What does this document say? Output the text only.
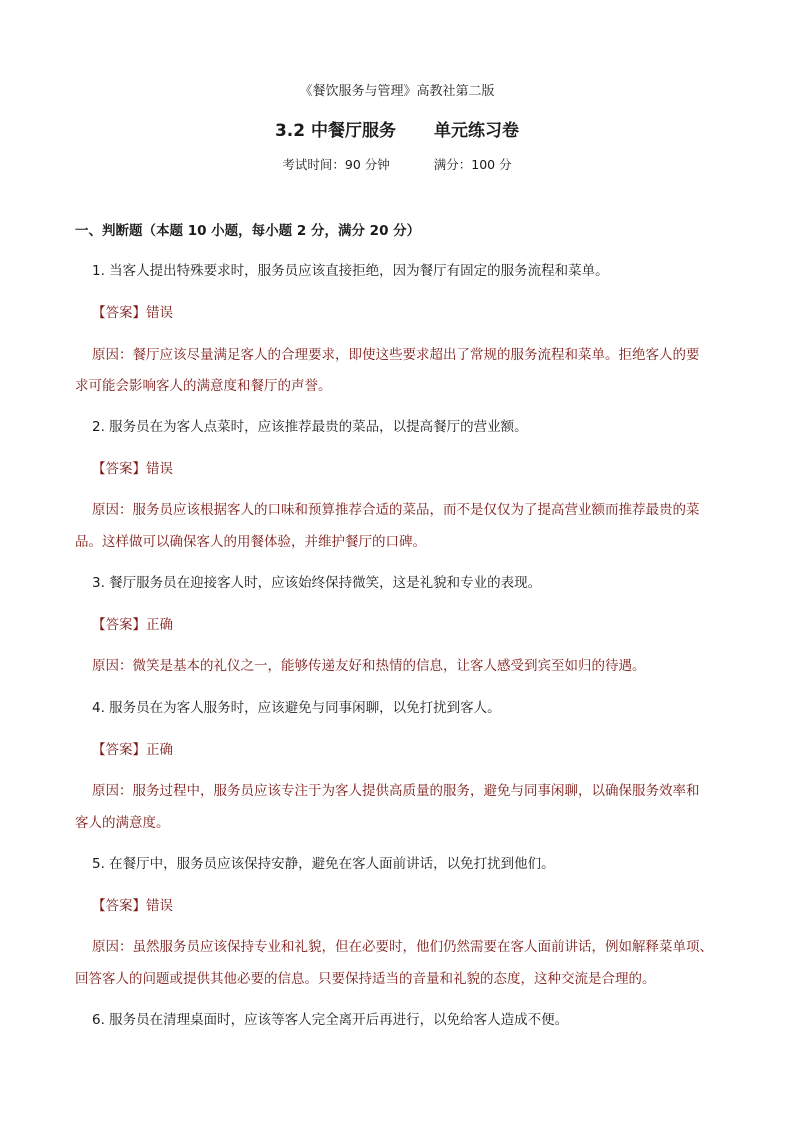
《餐饮服务与管理》高教社第二版
3.2 中餐厅服务 单元练习卷
考试时间：90 分钟	满分：100 分
一、判断题（本题 10 小题，每小题 2 分，满分 20 分）
1. 当客人提出特殊要求时，服务员应该直接拒绝，因为餐厅有固定的服务流程和菜单。
【答案】错误
原因：餐厅应该尽量满足客人的合理要求，即使这些要求超出了常规的服务流程和菜单。拒绝客人的要
求可能会影响客人的满意度和餐厅的声誉。
2. 服务员在为客人点菜时，应该推荐最贵的菜品，以提高餐厅的营业额。
【答案】错误
原因：服务员应该根据客人的口味和预算推荐合适的菜品，而不是仅仅为了提高营业额而推荐最贵的菜
品。这样做可以确保客人的用餐体验，并维护餐厅的口碑。
3. 餐厅服务员在迎接客人时，应该始终保持微笑，这是礼貌和专业的表现。
【答案】正确
原因：微笑是基本的礼仪之一，能够传递友好和热情的信息，让客人感受到宾至如归的待遇。
4. 服务员在为客人服务时，应该避免与同事闲聊，以免打扰到客人。
【答案】正确
原因：服务过程中，服务员应该专注于为客人提供高质量的服务，避免与同事闲聊，以确保服务效率和
客人的满意度。
5. 在餐厅中，服务员应该保持安静，避免在客人面前讲话，以免打扰到他们。
【答案】错误
原因：虽然服务员应该保持专业和礼貌，但在必要时，他们仍然需要在客人面前讲话，例如解释菜单项、
回答客人的问题或提供其他必要的信息。只要保持适当的音量和礼貌的态度，这种交流是合理的。
6. 服务员在清理桌面时，应该等客人完全离开后再进行，以免给客人造成不便。
